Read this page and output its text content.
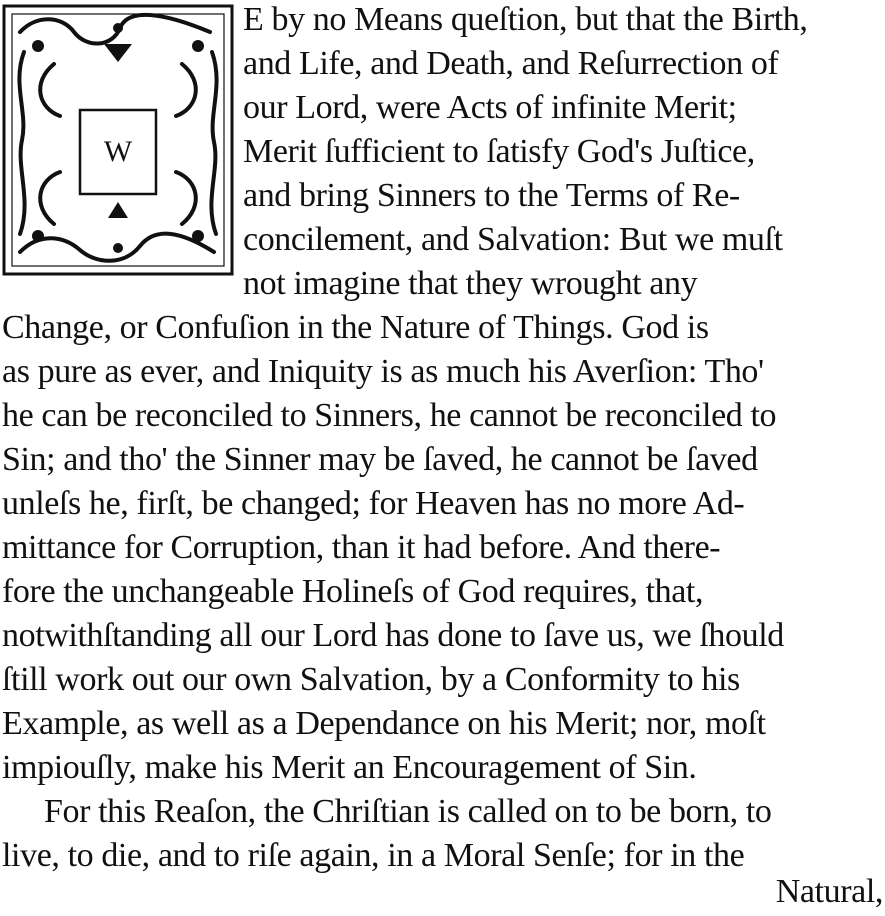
W
E by no Means queſtion, but that the Birth,
and Life, and Death, and Reſurrection of
our Lord, were Acts of infinite Merit;
Merit ſufficient to ſatisfy God's Juſtice,
and bring Sinners to the Terms of Re-
concilement, and Salvation: But we muſt
not imagine that they wrought any
Change, or Confuſion in the Nature of Things. God is
as pure as ever, and Iniquity is as much his Averſion: Tho'
he can be reconciled to Sinners, he cannot be reconciled to
Sin; and tho' the Sinner may be ſaved, he cannot be ſaved
unleſs he, firſt, be changed; for Heaven has no more Ad-
mittance for Corruption, than it had before. And there-
fore the unchangeable Holineſs of God requires, that,
notwithſtanding all our Lord has done to ſave us, we ſhould
ſtill work out our own Salvation, by a Conformity to his
Example, as well as a Dependance on his Merit; nor, moſt
impiouſly, make his Merit an Encouragement of Sin.
For this Reaſon, the Chriſtian is called on to be born, to
live, to die, and to riſe again, in a Moral Senſe; for in the
Natural,
